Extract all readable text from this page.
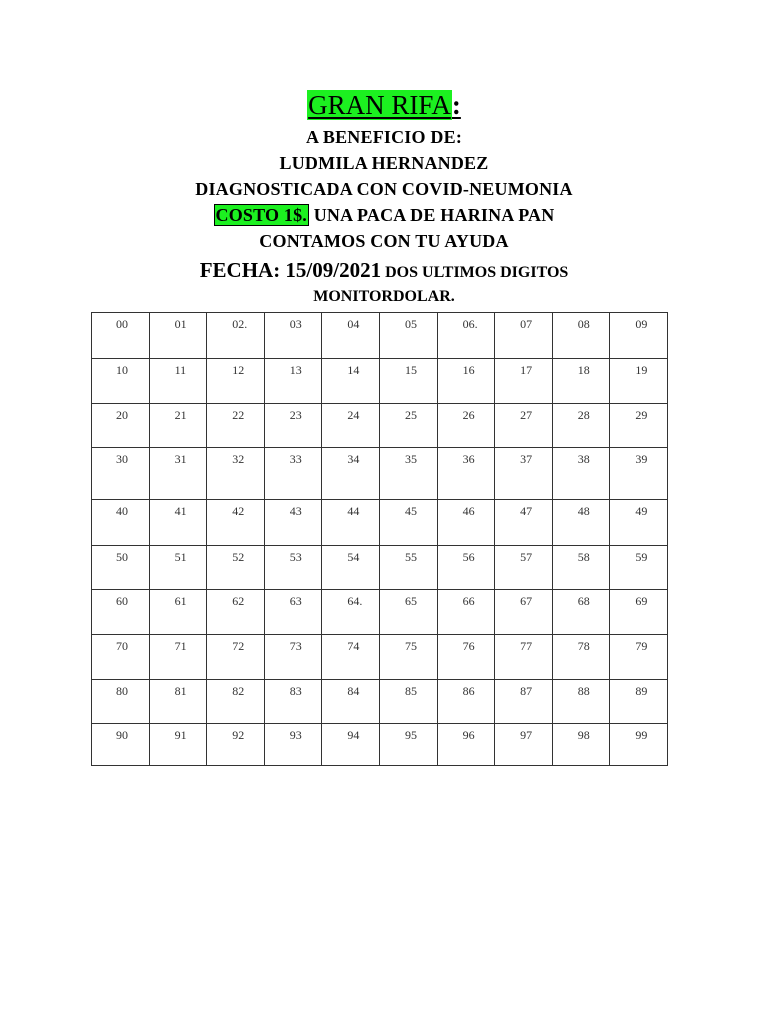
GRAN RIFA:
A BENEFICIO DE:
LUDMILA HERNANDEZ
DIAGNOSTICADA CON COVID-NEUMONIA
COSTO 1$. UNA PACA DE HARINA PAN
CONTAMOS CON TU AYUDA
FECHA: 15/09/2021 DOS ULTIMOS DIGITOS
MONITORDOLAR.
00	01	02.	03	04	05	06.	07	08	09
10	11	12	13	14	15	16	17	18	19
20	21	22	23	24	25	26	27	28	29
30	31	32	33	34	35	36	37	38	39
40	41	42	43	44	45	46	47	48	49
50	51	52	53	54	55	56	57	58	59
60	61	62	63	64.	65	66	67	68	69
70	71	72	73	74	75	76	77	78	79
80	81	82	83	84	85	86	87	88	89
90	91	92	93	94	95	96	97	98	99
